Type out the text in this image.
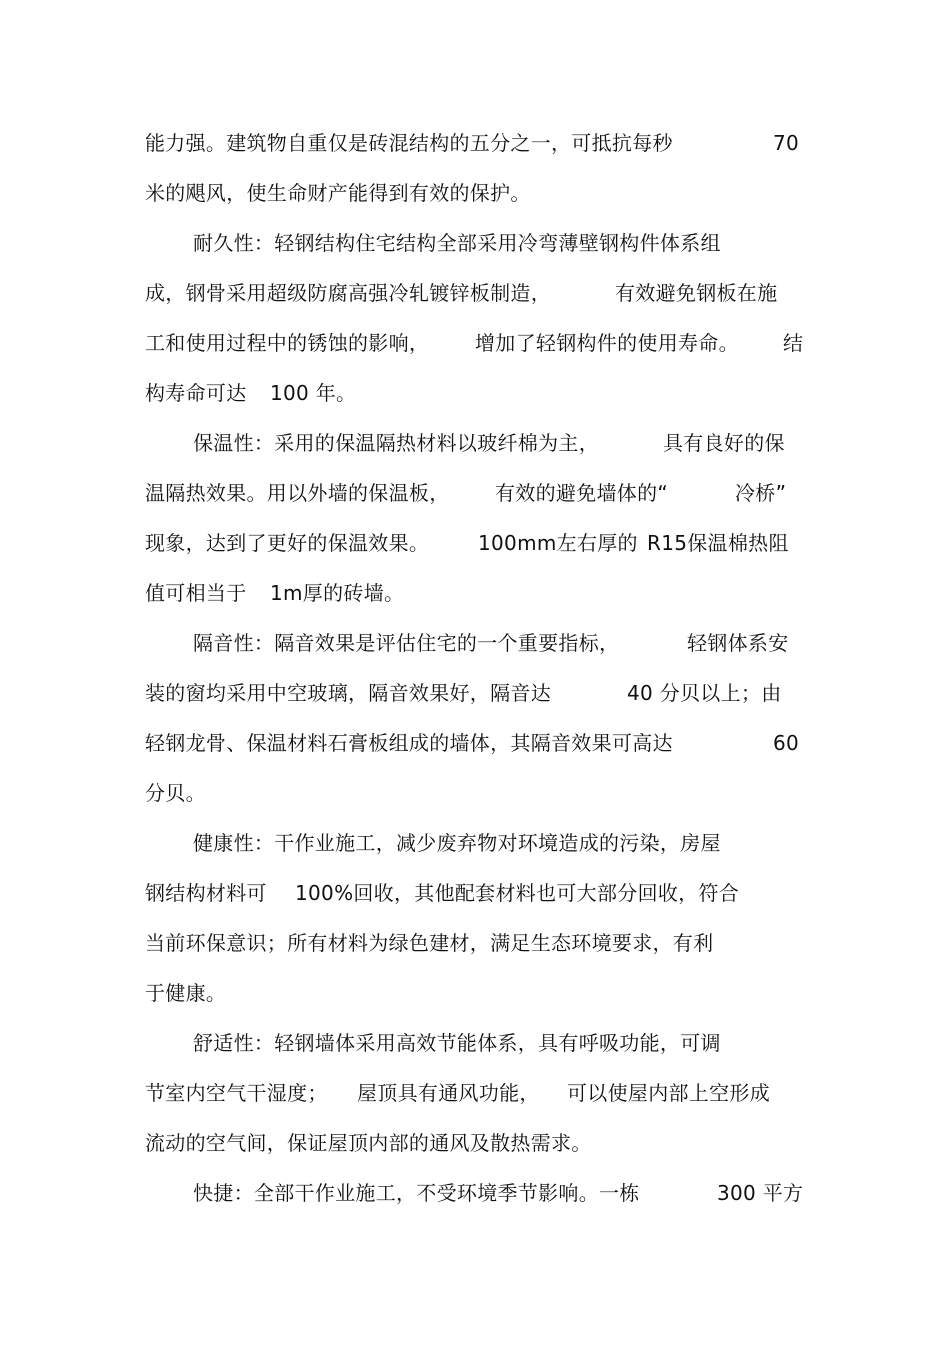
能力强。建筑物自重仅是砖混结构的五分之一，可抵抗每秒

	70

米的飓风，使生命财产能得到有效的保护。

耐久性：轻钢结构住宅结构全部采用冷弯薄壁钢构件体系组

成，钢骨采用超级防腐高强冷轧镀锌板制造，

	有效避免钢板在施

工和使用过程中的锈蚀的影响，

增加了轻钢构件的使用寿命。

结

构寿命可达

100 年。

保温性：采用的保温隔热材料以玻纤棉为主，

	具有良好的保

温隔热效果。用以外墙的保温板，

有效的避免墙体的“

	冷桥”

现象，达到了更好的保温效果。

100mm左右厚的

R15保温棉热阻

值可相当于

1m厚的砖墙。

隔音性：隔音效果是评估住宅的一个重要指标，

	轻钢体系安

装的窗均采用中空玻璃，隔音效果好，隔音达

	40 分贝以上；由

轻钢龙骨、保温材料石膏板组成的墙体，其隔音效果可高达

	60

分贝。

健康性：干作业施工，减少废弃物对环境造成的污染，房屋

钢结构材料可

100%回收，其他配套材料也可大部分回收，符合

当前环保意识；所有材料为绿色建材，满足生态环境要求，有利

于健康。

舒适性：轻钢墙体采用高效节能体系，具有呼吸功能，可调

节室内空气干湿度；

屋顶具有通风功能，

可以使屋内部上空形成

流动的空气间，保证屋顶内部的通风及散热需求。

快捷：全部干作业施工，不受环境季节影响。一栋

	300 平方
